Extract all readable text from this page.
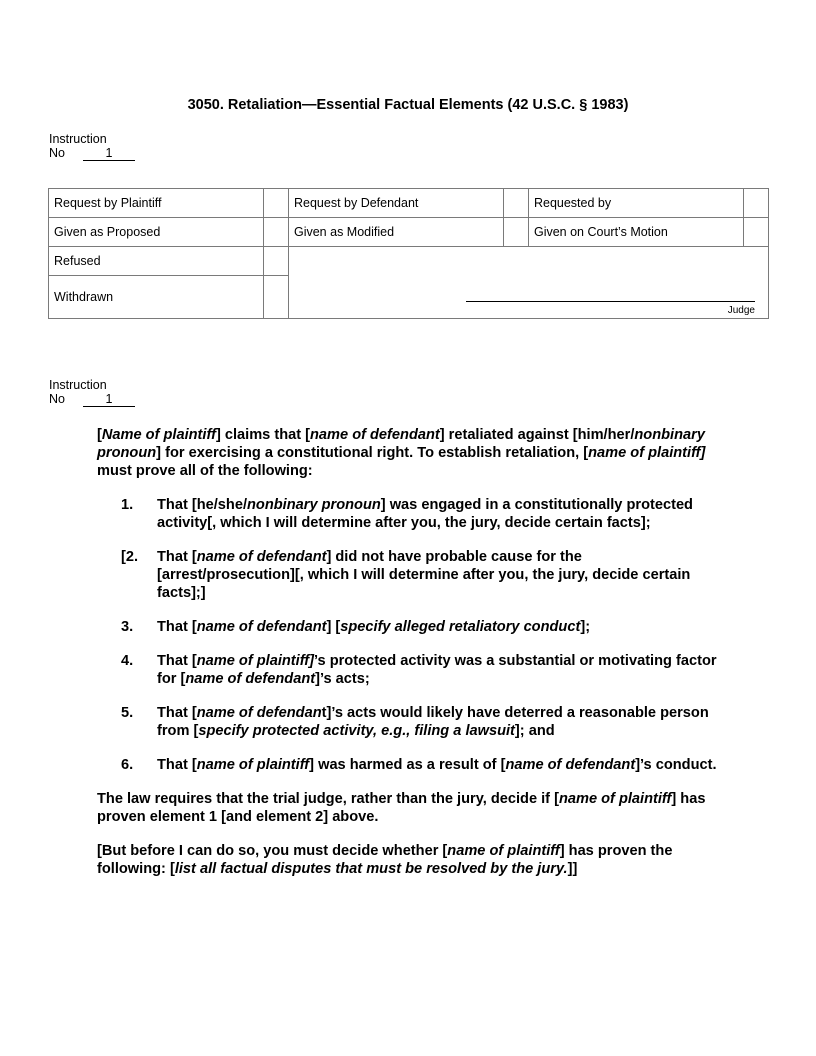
3050. Retaliation—Essential Factual Elements (42 U.S.C. § 1983)
Instruction
No	1
Request by Plaintiff		Request by Defendant		Requested by	
Given as Proposed		Given as Modified		Given on Court’s Motion	
Refused		Judge			

Withdrawn					
Instruction
No	1

[Name of plaintiff] claims that [name of defendant] retaliated against [him/her/nonbinary pronoun] for exercising a constitutional right. To establish retaliation, [name of plaintiff] must prove all of the following:

1. That [he/she/nonbinary pronoun] was engaged in a constitutionally protected activity[, which I will determine after you, the jury, decide certain facts];
[2. That [name of defendant] did not have probable cause for the [arrest/prosecution][, which I will determine after you, the jury, decide certain facts];]
3. That [name of defendant] [specify alleged retaliatory conduct];
4. That [name of plaintiff]’s protected activity was a substantial or motivating factor for [name of defendant]’s acts;
5. That [name of defendant]’s acts would likely have deterred a reasonable person from [specify protected activity, e.g., filing a lawsuit]; and
6. That [name of plaintiff] was harmed as a result of [name of defendant]’s conduct.

The law requires that the trial judge, rather than the jury, decide if [name of plaintiff] has proven element 1 [and element 2] above.

[But before I can do so, you must decide whether [name of plaintiff] has proven the following: [list all factual disputes that must be resolved by the jury.]]
